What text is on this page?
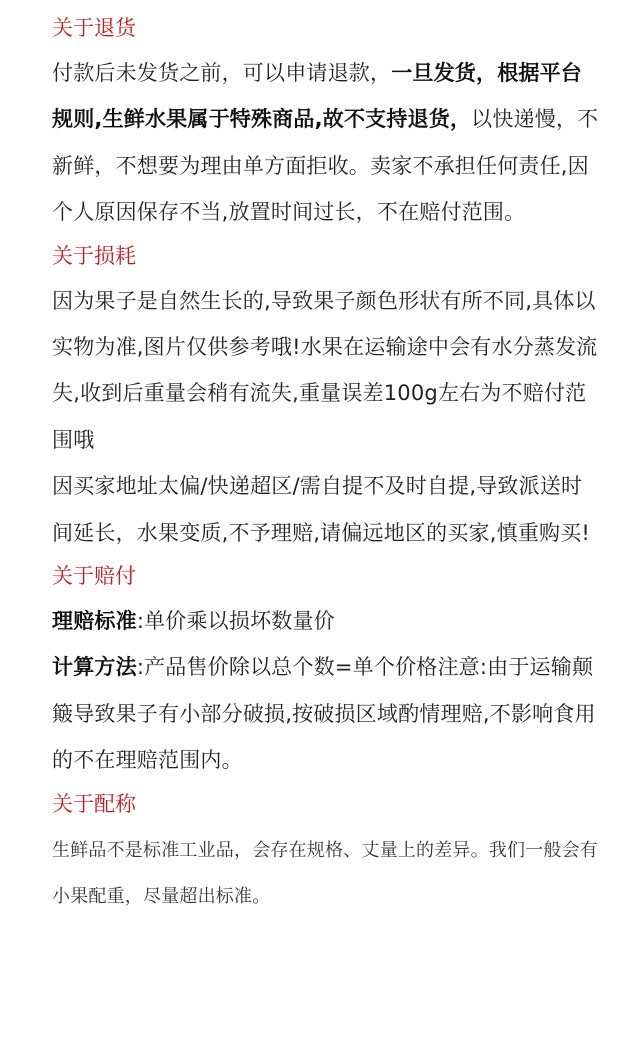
关于退货

付款后未发货之前，可以申请退款，一旦发货，根据平台规则,生鲜水果属于特殊商品,故不支持退货，以快递慢，不新鲜，不想要为理由单方面拒收。卖家不承担任何责任,因个人原因保存不当,放置时间过长，不在赔付范围。

关于损耗

因为果子是自然生长的,导致果子颜色形状有所不同,具体以实物为准,图片仅供参考哦!水果在运输途中会有水分蒸发流失,收到后重量会稍有流失,重量误差100g左右为不赔付范围哦

因买家地址太偏/快递超区/需自提不及时自提,导致派送时间延长，水果变质,不予理赔,请偏远地区的买家,慎重购买!

关于赔付

理赔标准:单价乘以损坏数量价

计算方法:产品售价除以总个数=单个价格注意:由于运输颠簸导致果子有小部分破损,按破损区域酌情理赔,不影响食用的不在理赔范围内。

关于配称

生鲜品不是标准工业品，会存在规格、丈量上的差异。我们一般会有小果配重，尽量超出标准。
